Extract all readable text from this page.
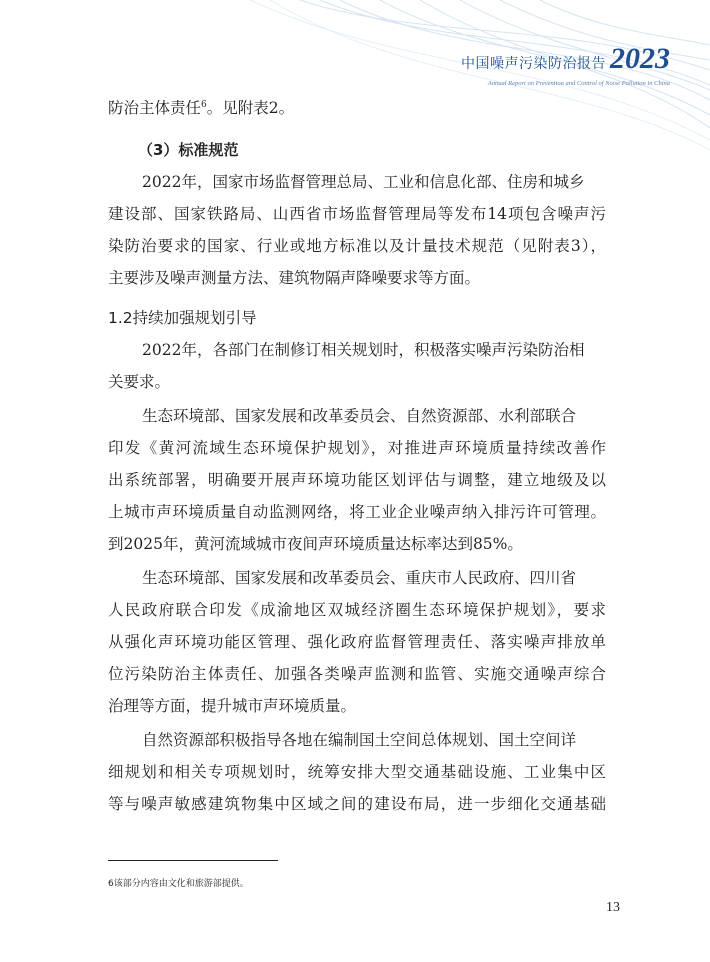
中国噪声污染防治报告 2023
Annual Report on Prevention and Control of Noise Pollution in China
防治主体责任$^6$。见附表2。
（3）标准规范
2022年，国家市场监督管理总局、工业和信息化部、住房和城乡
建设部、国家铁路局、山西省市场监督管理局等发布14项包含噪声污
染防治要求的国家、行业或地方标准以及计量技术规范（见附表3），
主要涉及噪声测量方法、建筑物隔声降噪要求等方面。
1.2持续加强规划引导
2022年，各部门在制修订相关规划时，积极落实噪声污染防治相
关要求。
生态环境部、国家发展和改革委员会、自然资源部、水利部联合
印发《黄河流域生态环境保护规划》，对推进声环境质量持续改善作
出系统部署，明确要开展声环境功能区划评估与调整，建立地级及以
上城市声环境质量自动监测网络，将工业企业噪声纳入排污许可管理。
到2025年，黄河流域城市夜间声环境质量达标率达到85%。
生态环境部、国家发展和改革委员会、重庆市人民政府、四川省
人民政府联合印发《成渝地区双城经济圈生态环境保护规划》，要求
从强化声环境功能区管理、强化政府监督管理责任、落实噪声排放单
位污染防治主体责任、加强各类噪声监测和监管、实施交通噪声综合
治理等方面，提升城市声环境质量。
自然资源部积极指导各地在编制国土空间总体规划、国土空间详
细规划和相关专项规划时，统筹安排大型交通基础设施、工业集中区
等与噪声敏感建筑物集中区域之间的建设布局，进一步细化交通基础
6该部分内容由文化和旅游部提供。
13
